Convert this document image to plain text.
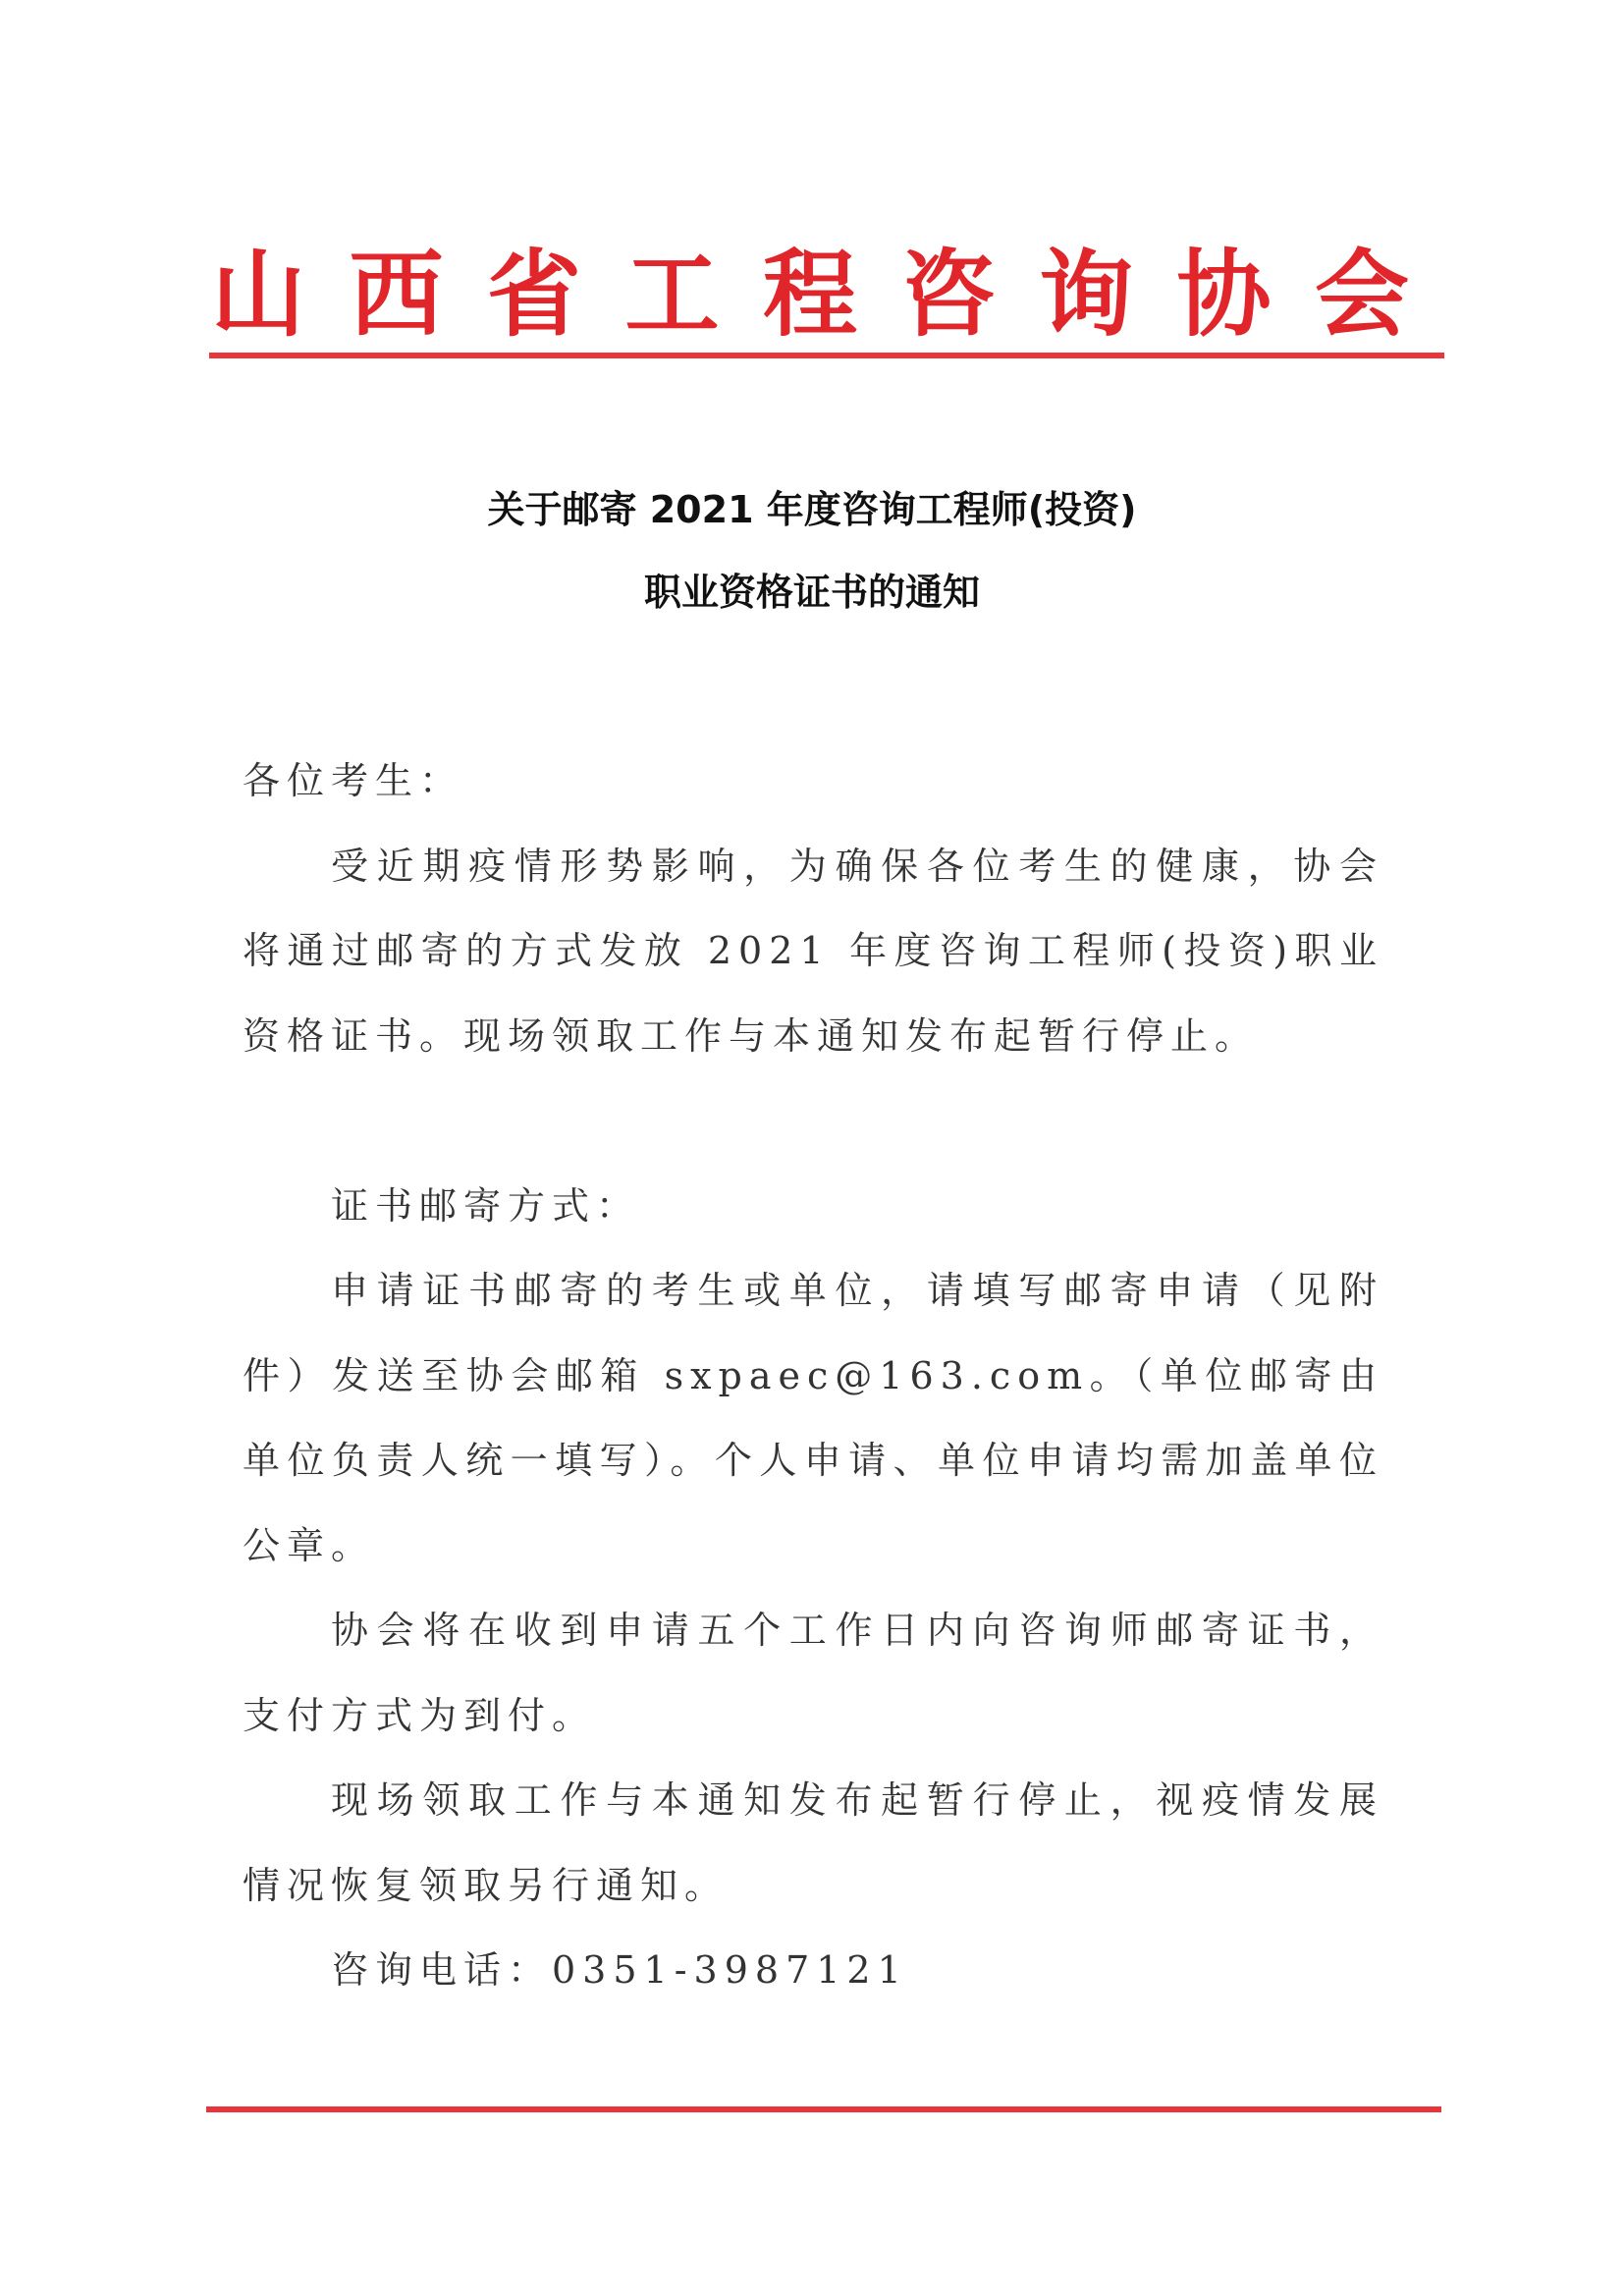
山 西 省 工 程 咨 询 协 会
关于邮寄 2021 年度咨询工程师(投资)
职业资格证书的通知

各位考生：

受近期疫情形势影响，为确保各位考生的健康，协会将通过邮寄的方式发放 2021 年度咨询工程师(投资)职业资格证书。现场领取工作与本通知发布起暂行停止。

证书邮寄方式：

申请证书邮寄的考生或单位，请填写邮寄申请（见附件）发送至协会邮箱 sxpaec@163.com。（单位邮寄由单位负责人统一填写）。个人申请、单位申请均需加盖单位公章。

协会将在收到申请五个工作日内向咨询师邮寄证书，支付方式为到付。

现场领取工作与本通知发布起暂行停止，视疫情发展情况恢复领取另行通知。

咨询电话：0351-3987121
